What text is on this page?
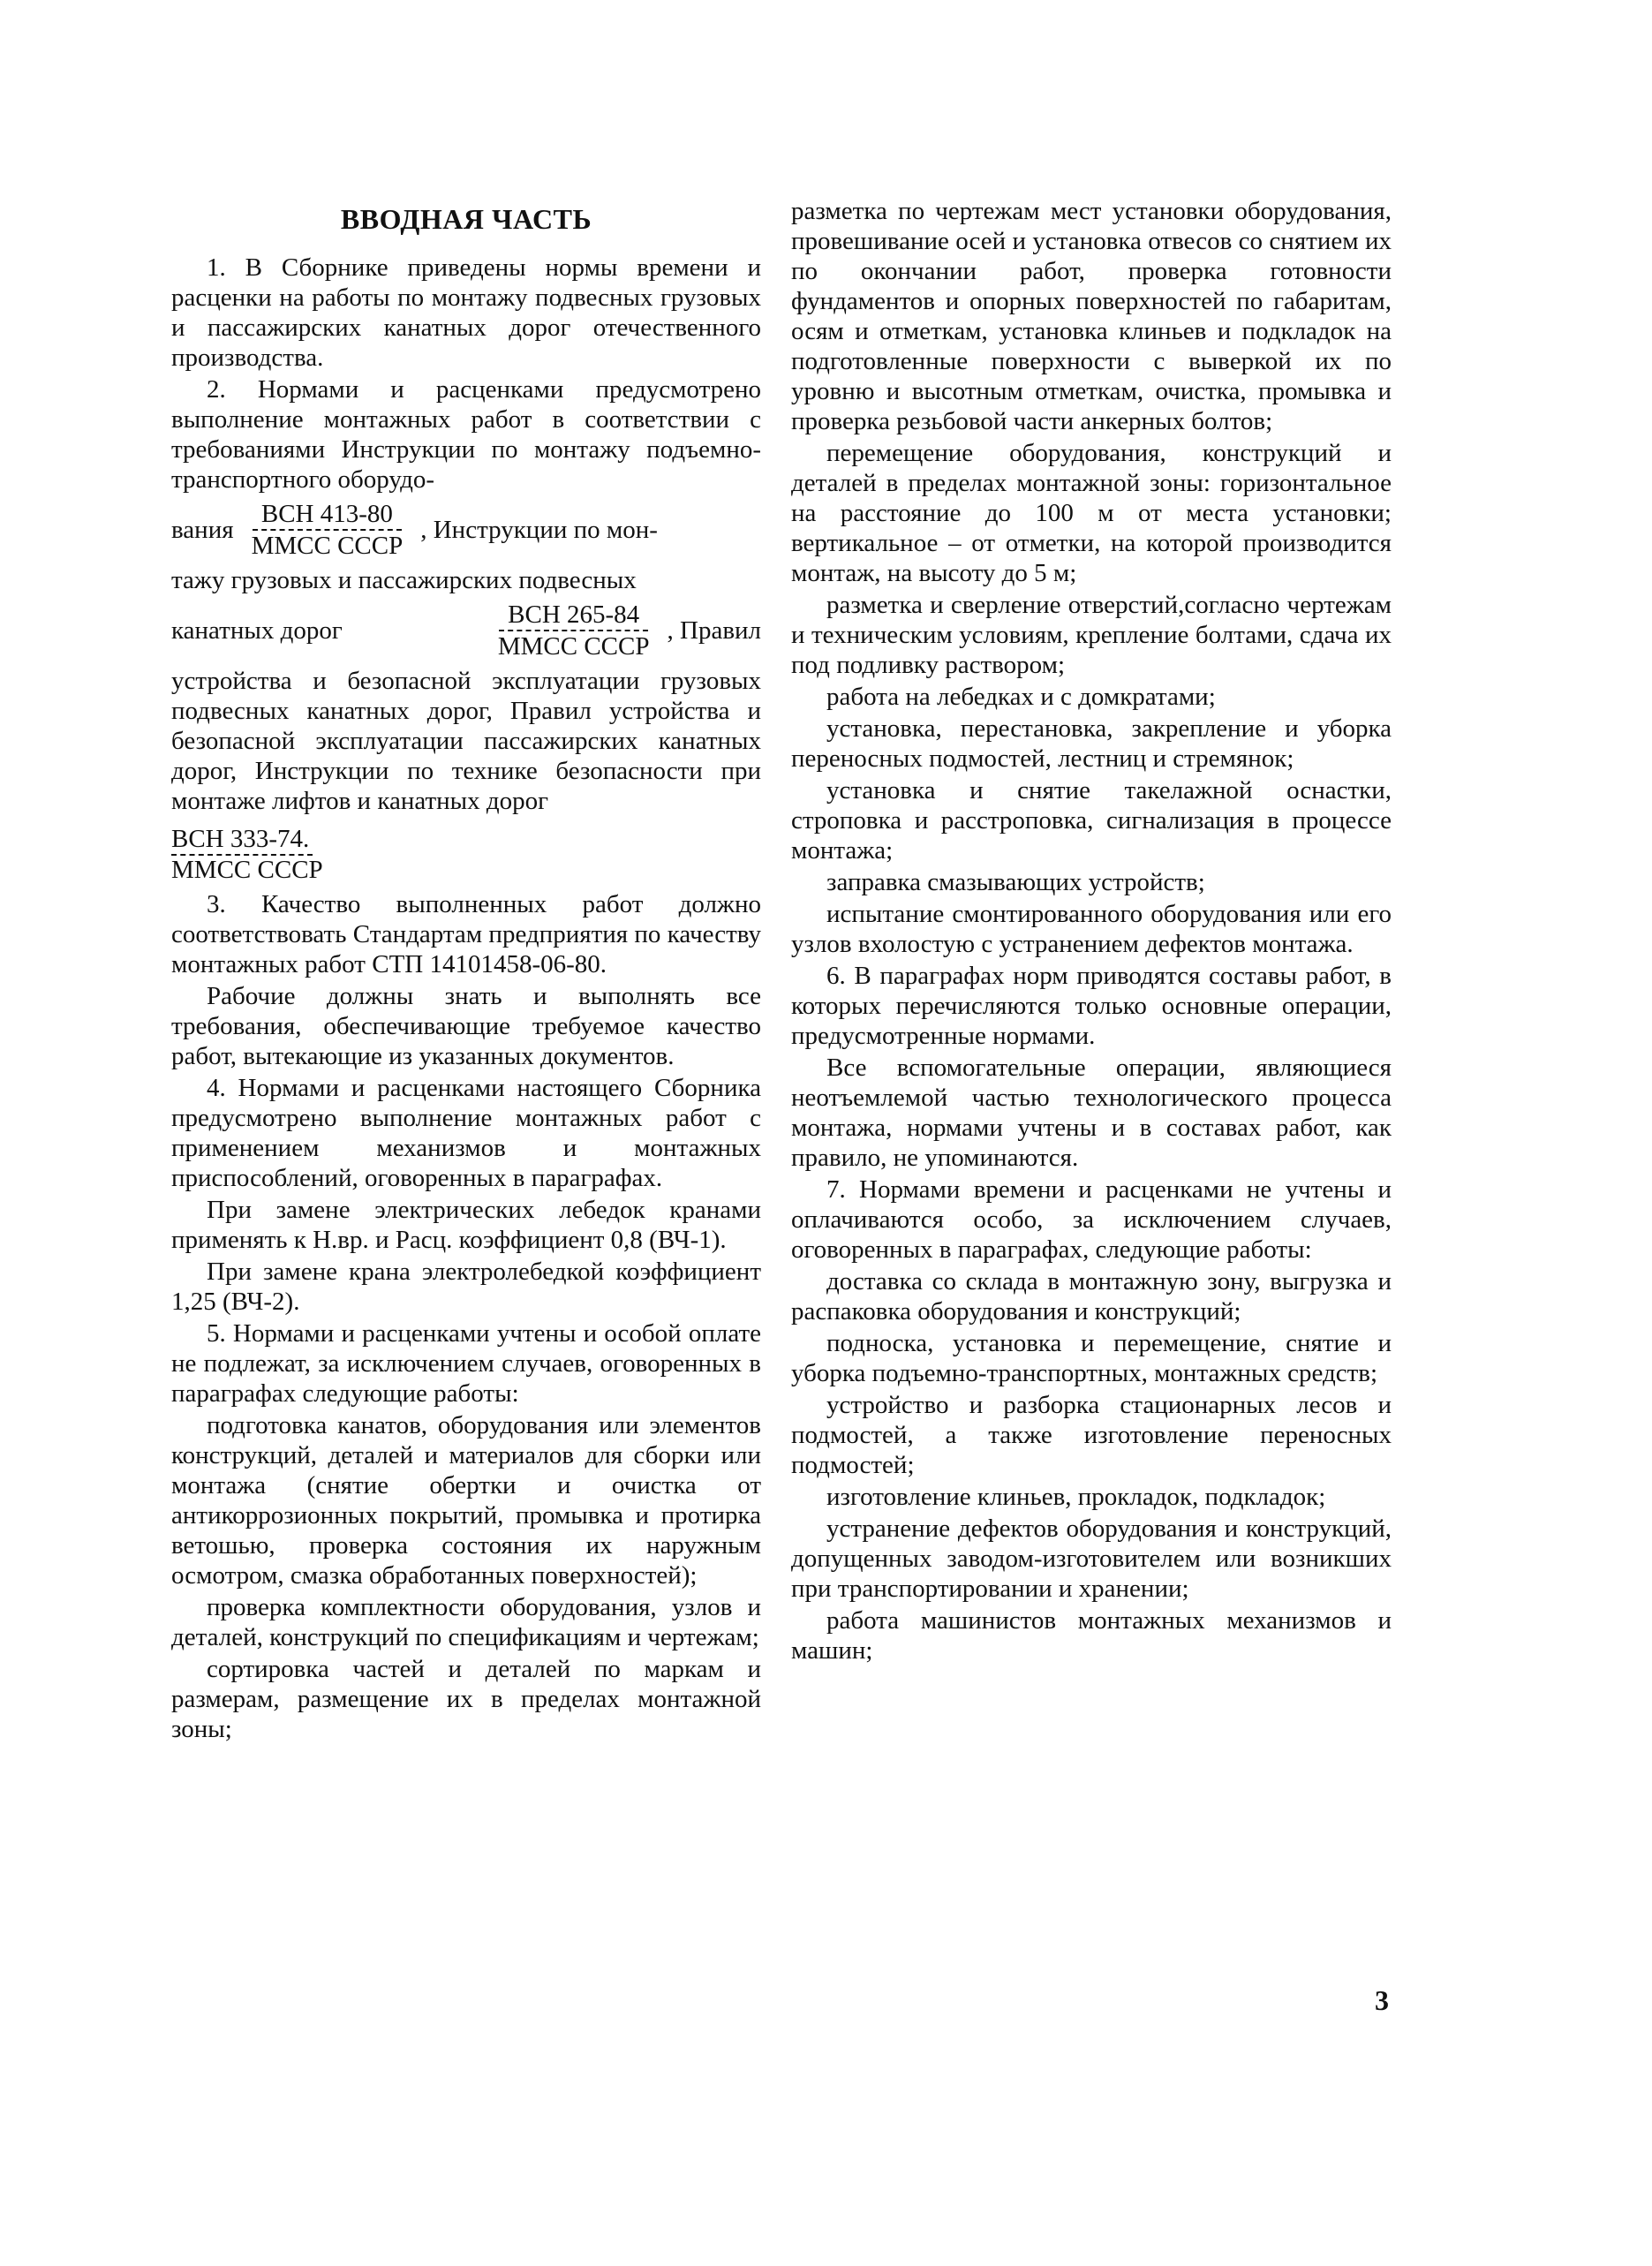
ВВОДНАЯ ЧАСТЬ

1. В Сборнике приведены нормы времени и расценки на работы по монтажу подвесных грузовых и пассажирских канатных дорог отечественного производства.

2. Нормами и расценками предусмотрено выполнение монтажных работ в соответствии с требованиями Инструкции по монтажу подъемно-транспортного оборудо-

вания $\frac{\text{ВСН 413-80}}{\text{ММСС СССР}}$ , Инструкции по мон-

тажу грузовых и пассажирских подвесных

канатных дорог	$\frac{\text{ВСН 265-84}}{\text{ММСС СССР}}$ , Правил

устройства и безопасной эксплуатации грузовых подвесных канатных дорог, Правил устройства и безопасной эксплуатации пассажирских канатных дорог, Инструкции по технике безопасности при монтаже лифтов и канатных дорог

$\frac{\text{ВСН 333-74.}}{\text{ММСС СССР}}$

3. Качество выполненных работ должно соответствовать Стандартам предприятия по качеству монтажных работ СТП 14101458-06-80.

Рабочие должны знать и выполнять все требования, обеспечивающие требуемое качество работ, вытекающие из указанных документов.

4. Нормами и расценками настоящего Сборника предусмотрено выполнение монтажных работ с применением механизмов и монтажных приспособлений, оговоренных в параграфах.

При замене электрических лебедок кранами применять к Н.вр. и Расц. коэффициент 0,8 (ВЧ-1).

При замене крана электролебедкой коэффициент 1,25 (ВЧ-2).

5. Нормами и расценками учтены и особой оплате не подлежат, за исключением случаев, оговоренных в параграфах следующие работы:

подготовка канатов, оборудования или элементов конструкций, деталей и материалов для сборки или монтажа (снятие обертки и очистка от антикоррозионных покрытий, промывка и протирка ветошью, проверка состояния их наружным осмотром, смазка обработанных поверхностей);

проверка комплектности оборудования, узлов и деталей, конструкций по спецификациям и чертежам;

сортировка частей и деталей по маркам и размерам, размещение их в пределах монтажной зоны;

разметка по чертежам мест установки оборудования, провешивание осей и установка отвесов со снятием их по окончании работ, проверка готовности фундаментов и опорных поверхностей по габаритам, осям и отметкам, установка клиньев и подкладок на подготовленные поверхности с выверкой их по уровню и высотным отметкам, очистка, промывка и проверка резьбовой части анкерных болтов;

перемещение оборудования, конструкций и деталей в пределах монтажной зоны: горизонтальное на расстояние до 100 м от места установки; вертикальное – от отметки, на которой производится монтаж, на высоту до 5 м;

разметка и сверление отверстий,согласно чертежам и техническим условиям, крепление болтами, сдача их под подливку раствором;

работа на лебедках и с домкратами;

установка, перестановка, закрепление и уборка переносных подмостей, лестниц и стремянок;

установка и снятие такелажной оснастки, строповка и расстроповка, сигнализация в процессе монтажа;

заправка смазывающих устройств;

испытание смонтированного оборудования или его узлов вхолостую с устранением дефектов монтажа.

6. В параграфах норм приводятся составы работ, в которых перечисляются только основные операции, предусмотренные нормами.

Все вспомогательные операции, являющиеся неотъемлемой частью технологического процесса монтажа, нормами учтены и в составах работ, как правило, не упоминаются.

7. Нормами времени и расценками не учтены и оплачиваются особо, за исключением случаев, оговоренных в параграфах, следующие работы:

доставка со склада в монтажную зону, выгрузка и распаковка оборудования и конструкций;

подноска, установка и перемещение, снятие и уборка подъемно-транспортных, монтажных средств;

устройство и разборка стационарных лесов и подмостей, а также изготовление переносных подмостей;

изготовление клиньев, прокладок, подкладок;

устранение дефектов оборудования и конструкций, допущенных заводом-изготовителем или возникших при транспортировании и хранении;

работа машинистов монтажных механизмов и машин;

3
